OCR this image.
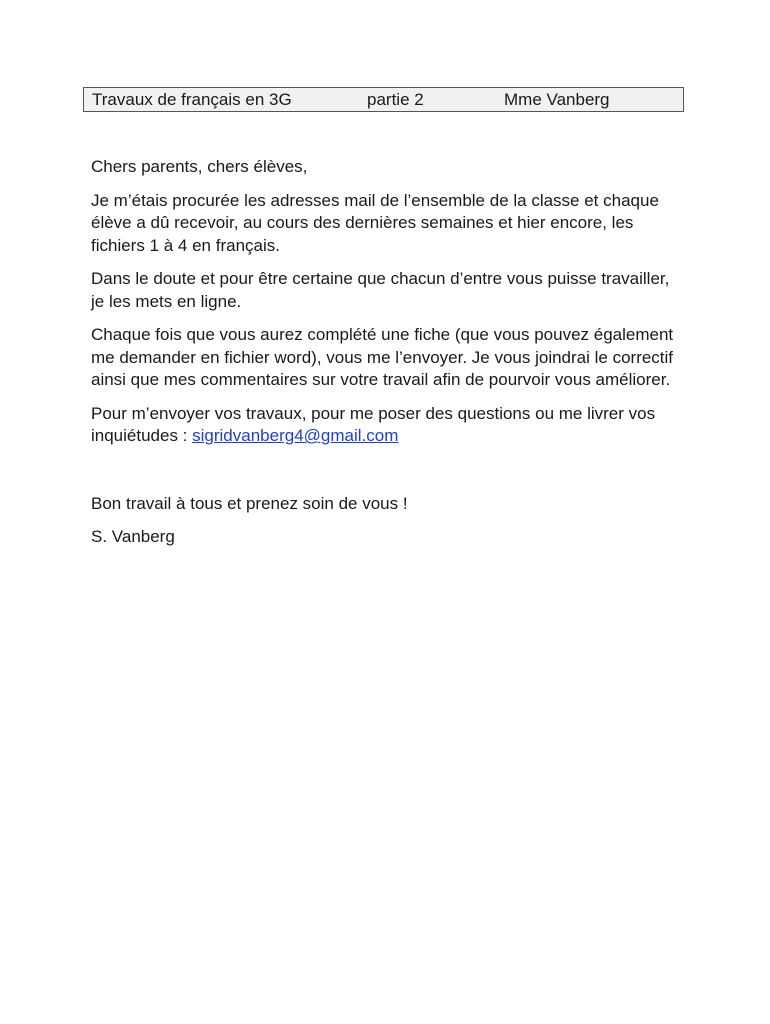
Travaux de français en 3G	partie 2	Mme Vanberg

Chers parents, chers élèves,

Je m’étais procurée les adresses mail de l’ensemble de la classe et chaque élève a dû recevoir, au cours des dernières semaines et hier encore, les fichiers 1 à 4 en français.

Dans le doute et pour être certaine que chacun d’entre vous puisse travailler, je les mets en ligne.

Chaque fois que vous aurez complété une fiche (que vous pouvez également me demander en fichier word), vous me l’envoyer. Je vous joindrai le correctif ainsi que mes commentaires sur votre travail afin de pourvoir vous améliorer.

Pour m’envoyer vos travaux, pour me poser des questions ou me livrer vos inquiétudes : sigridvanberg4@gmail.com

Bon travail à tous et prenez soin de vous !

S. Vanberg
